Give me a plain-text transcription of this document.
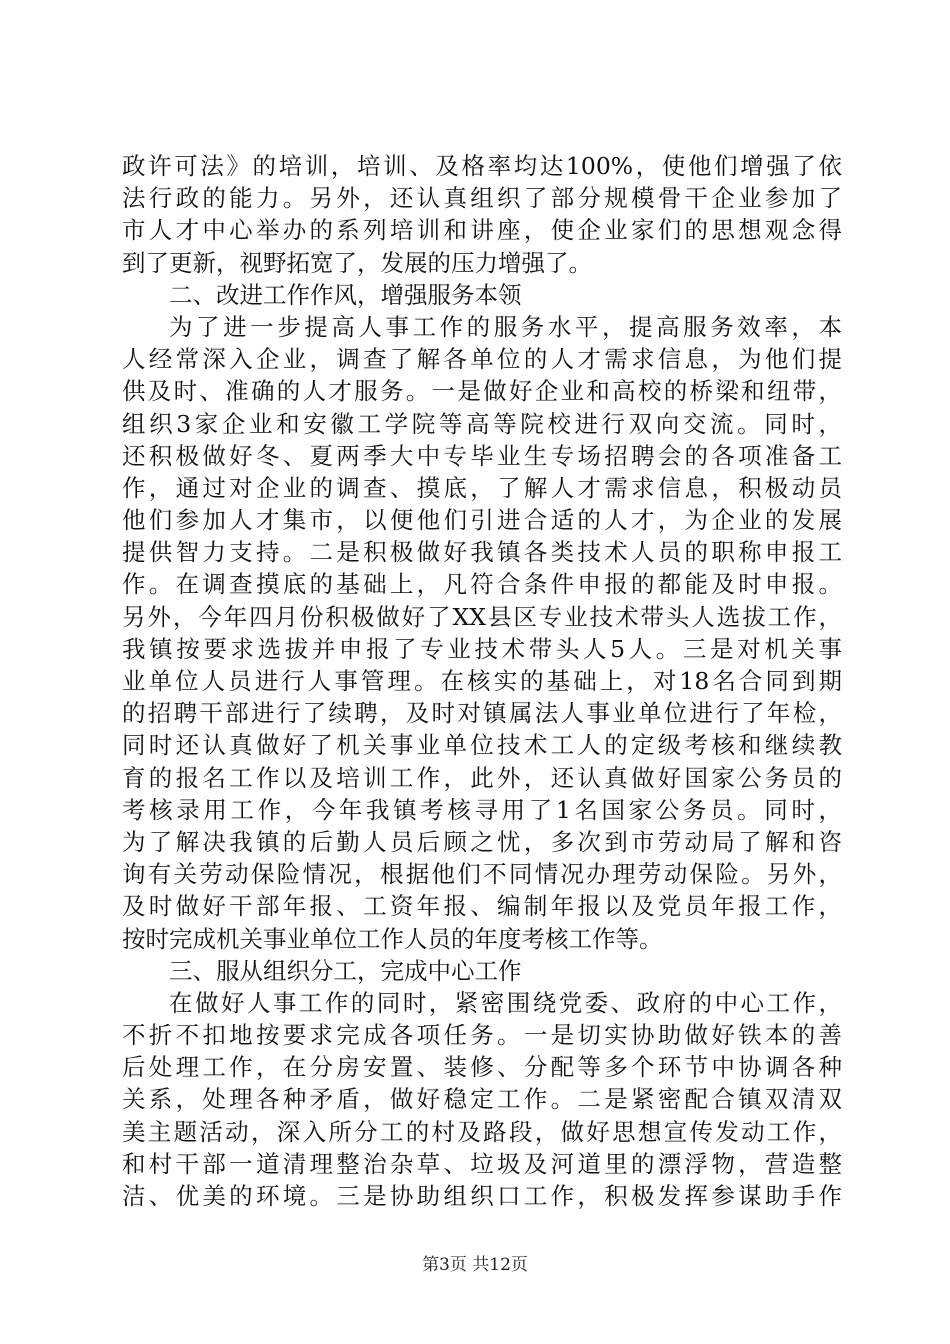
政许可法》的培训，培训、及格率均达100%，使他们增强了依
法行政的能力。另外，还认真组织了部分规模骨干企业参加了
市人才中心举办的系列培训和讲座，使企业家们的思想观念得
到了更新，视野拓宽了，发展的压力增强了。
二、改进工作作风，增强服务本领
为了进一步提高人事工作的服务水平，提高服务效率，本
人经常深入企业，调查了解各单位的人才需求信息，为他们提
供及时、准确的人才服务。一是做好企业和高校的桥梁和纽带，
组织3家企业和安徽工学院等高等院校进行双向交流。同时，
还积极做好冬、夏两季大中专毕业生专场招聘会的各项准备工
作，通过对企业的调查、摸底，了解人才需求信息，积极动员
他们参加人才集市，以便他们引进合适的人才，为企业的发展
提供智力支持。二是积极做好我镇各类技术人员的职称申报工
作。在调查摸底的基础上，凡符合条件申报的都能及时申报。
另外，今年四月份积极做好了XX县区专业技术带头人选拔工作，
我镇按要求选拔并申报了专业技术带头人5人。三是对机关事
业单位人员进行人事管理。在核实的基础上，对18名合同到期
的招聘干部进行了续聘，及时对镇属法人事业单位进行了年检，
同时还认真做好了机关事业单位技术工人的定级考核和继续教
育的报名工作以及培训工作，此外，还认真做好国家公务员的
考核录用工作，今年我镇考核寻用了1名国家公务员。同时，
为了解决我镇的后勤人员后顾之忧，多次到市劳动局了解和咨
询有关劳动保险情况，根据他们不同情况办理劳动保险。另外，
及时做好干部年报、工资年报、编制年报以及党员年报工作，
按时完成机关事业单位工作人员的年度考核工作等。
三、服从组织分工，完成中心工作
在做好人事工作的同时，紧密围绕党委、政府的中心工作，
不折不扣地按要求完成各项任务。一是切实协助做好铁本的善
后处理工作，在分房安置、装修、分配等多个环节中协调各种
关系，处理各种矛盾，做好稳定工作。二是紧密配合镇双清双
美主题活动，深入所分工的村及路段，做好思想宣传发动工作，
和村干部一道清理整治杂草、垃圾及河道里的漂浮物，营造整
洁、优美的环境。三是协助组织口工作，积极发挥参谋助手作
第3页 共12页
